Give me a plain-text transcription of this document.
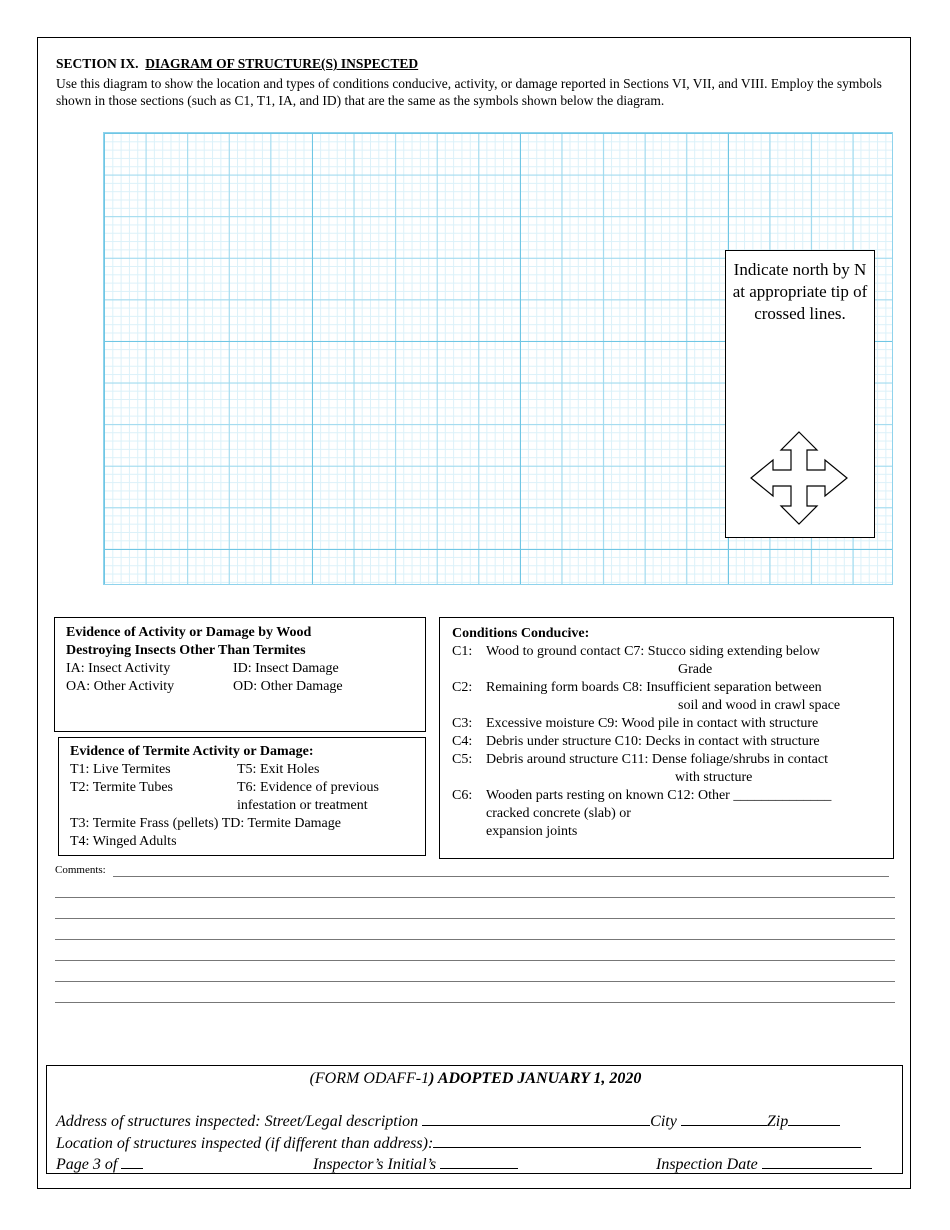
SECTION IX. DIAGRAM OF STRUCTURE(S) INSPECTED
Use this diagram to show the location and types of conditions conducive, activity, or damage reported in Sections VI, VII, and VIII. Employ the symbols shown in those sections (such as C1, T1, IA, and ID) that are the same as the symbols shown below the diagram.
Indicate north by N at appropriate tip of crossed lines.
Evidence of Activity or Damage by Wood
Destroying Insects Other Than Termites
IA: Insect Activity	ID: Insect Damage
OA: Other Activity	OD: Other Damage
Evidence of Termite Activity or Damage:
T1: Live Termites	T5: Exit Holes
T2: Termite Tubes	T6: Evidence of previous
infestation or treatment
T3: Termite Frass (pellets) TD: Termite Damage
T4: Winged Adults
Conditions Conducive:
C1: Wood to ground contact C7: Stucco siding extending below
Grade
C2: Remaining form boards C8: Insufficient separation between
soil and wood in crawl space
C3: Excessive moisture C9: Wood pile in contact with structure
C4: Debris under structure C10: Decks in contact with structure
C5: Debris around structure C11: Dense foliage/shrubs in contact
with structure
C6: Wooden parts resting on known C12: Other ______________
cracked concrete (slab) or
expansion joints
Comments:
(FORM ODAFF-1) ADOPTED JANUARY 1, 2020
Address of structures inspected: Street/Legal description	City	Zip
Location of structures inspected (if different than address):
Page 3 of	Inspector’s Initial’s	Inspection Date
